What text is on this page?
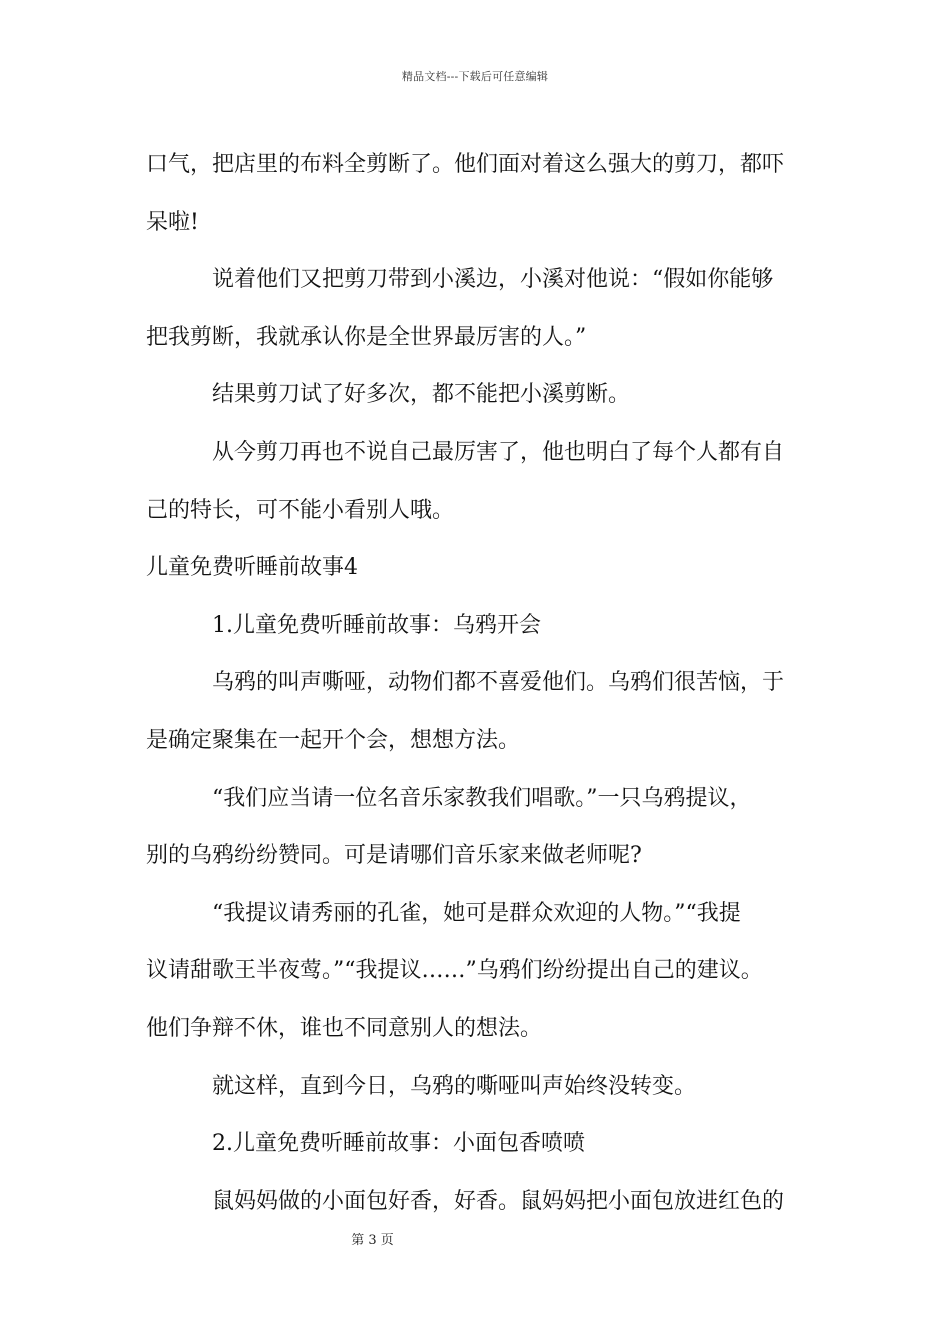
精品文档---下载后可任意编辑

口气，把店里的布料全剪断了。他们面对着这么强大的剪刀，都吓

呆啦!

说着他们又把剪刀带到小溪边，小溪对他说：“假如你能够

把我剪断，我就承认你是全世界最厉害的人。”

结果剪刀试了好多次，都不能把小溪剪断。

从今剪刀再也不说自己最厉害了，他也明白了每个人都有自

己的特长，可不能小看别人哦。

儿童免费听睡前故事4

1.儿童免费听睡前故事：乌鸦开会

乌鸦的叫声嘶哑，动物们都不喜爱他们。乌鸦们很苦恼，于

是确定聚集在一起开个会，想想方法。

“我们应当请一位名音乐家教我们唱歌。”一只乌鸦提议，

别的乌鸦纷纷赞同。可是请哪们音乐家来做老师呢?

“我提议请秀丽的孔雀，她可是群众欢迎的人物。”“我提

议请甜歌王半夜莺。”“我提议……”乌鸦们纷纷提出自己的建议。

他们争辩不休，谁也不同意别人的想法。

就这样，直到今日，乌鸦的嘶哑叫声始终没转变。

2.儿童免费听睡前故事：小面包香喷喷

鼠妈妈做的小面包好香，好香。鼠妈妈把小面包放进红色的

第 3 页
